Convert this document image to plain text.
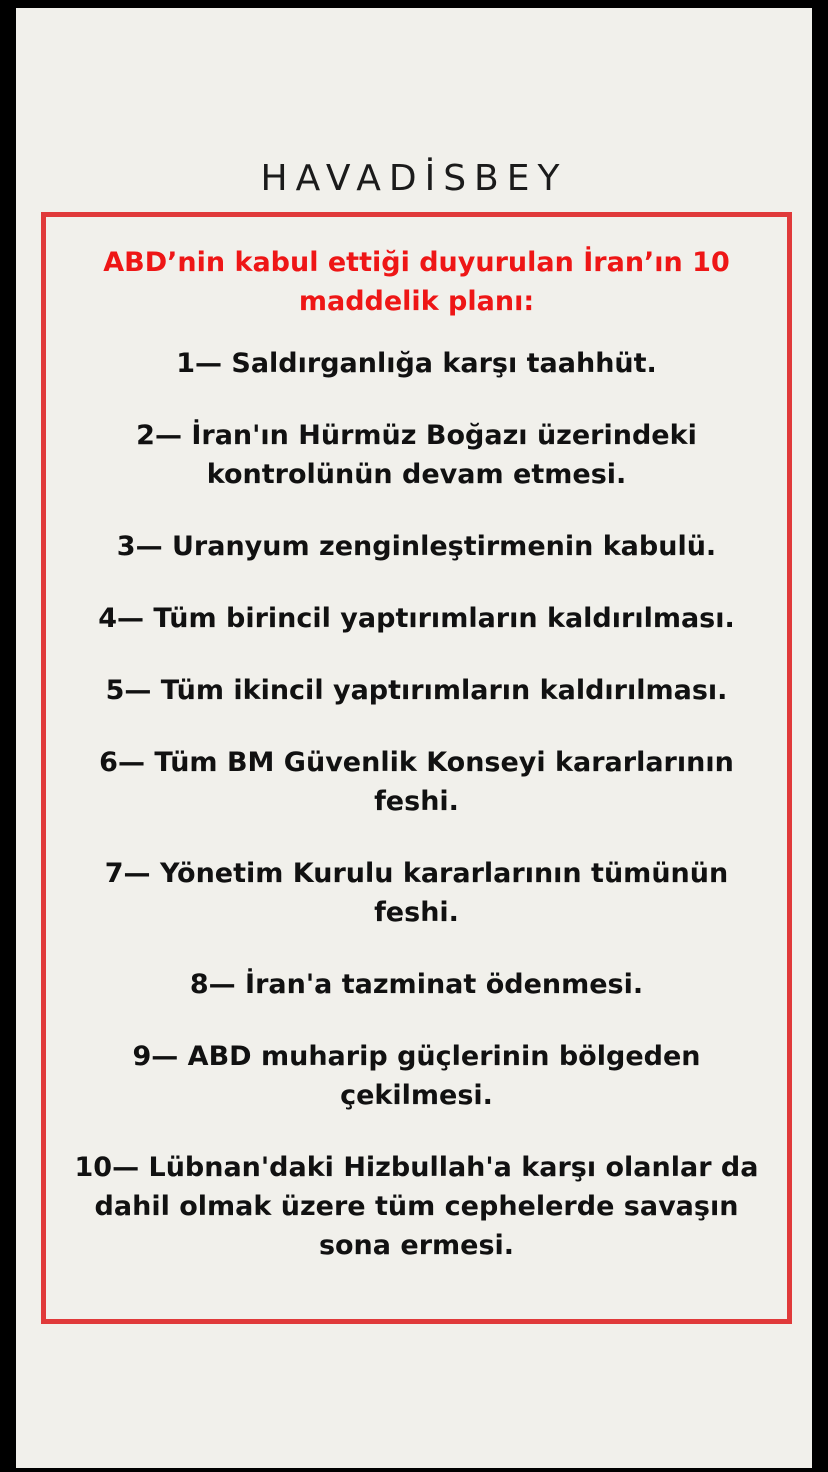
HAVADİSBEY
ABD’nin kabul ettiği duyurulan İran’ın 10 maddelik planı:
1— Saldırganlığa karşı taahhüt.
2— İran'ın Hürmüz Boğazı üzerindeki kontrolünün devam etmesi.
3— Uranyum zenginleştirmenin kabulü.
4— Tüm birincil yaptırımların kaldırılması.
5— Tüm ikincil yaptırımların kaldırılması.
6— Tüm BM Güvenlik Konseyi kararlarının feshi.
7— Yönetim Kurulu kararlarının tümünün feshi.
8— İran'a tazminat ödenmesi.
9— ABD muharip güçlerinin bölgeden çekilmesi.
10— Lübnan'daki Hizbullah'a karşı olanlar da dahil olmak üzere tüm cephelerde savaşın sona ermesi.
